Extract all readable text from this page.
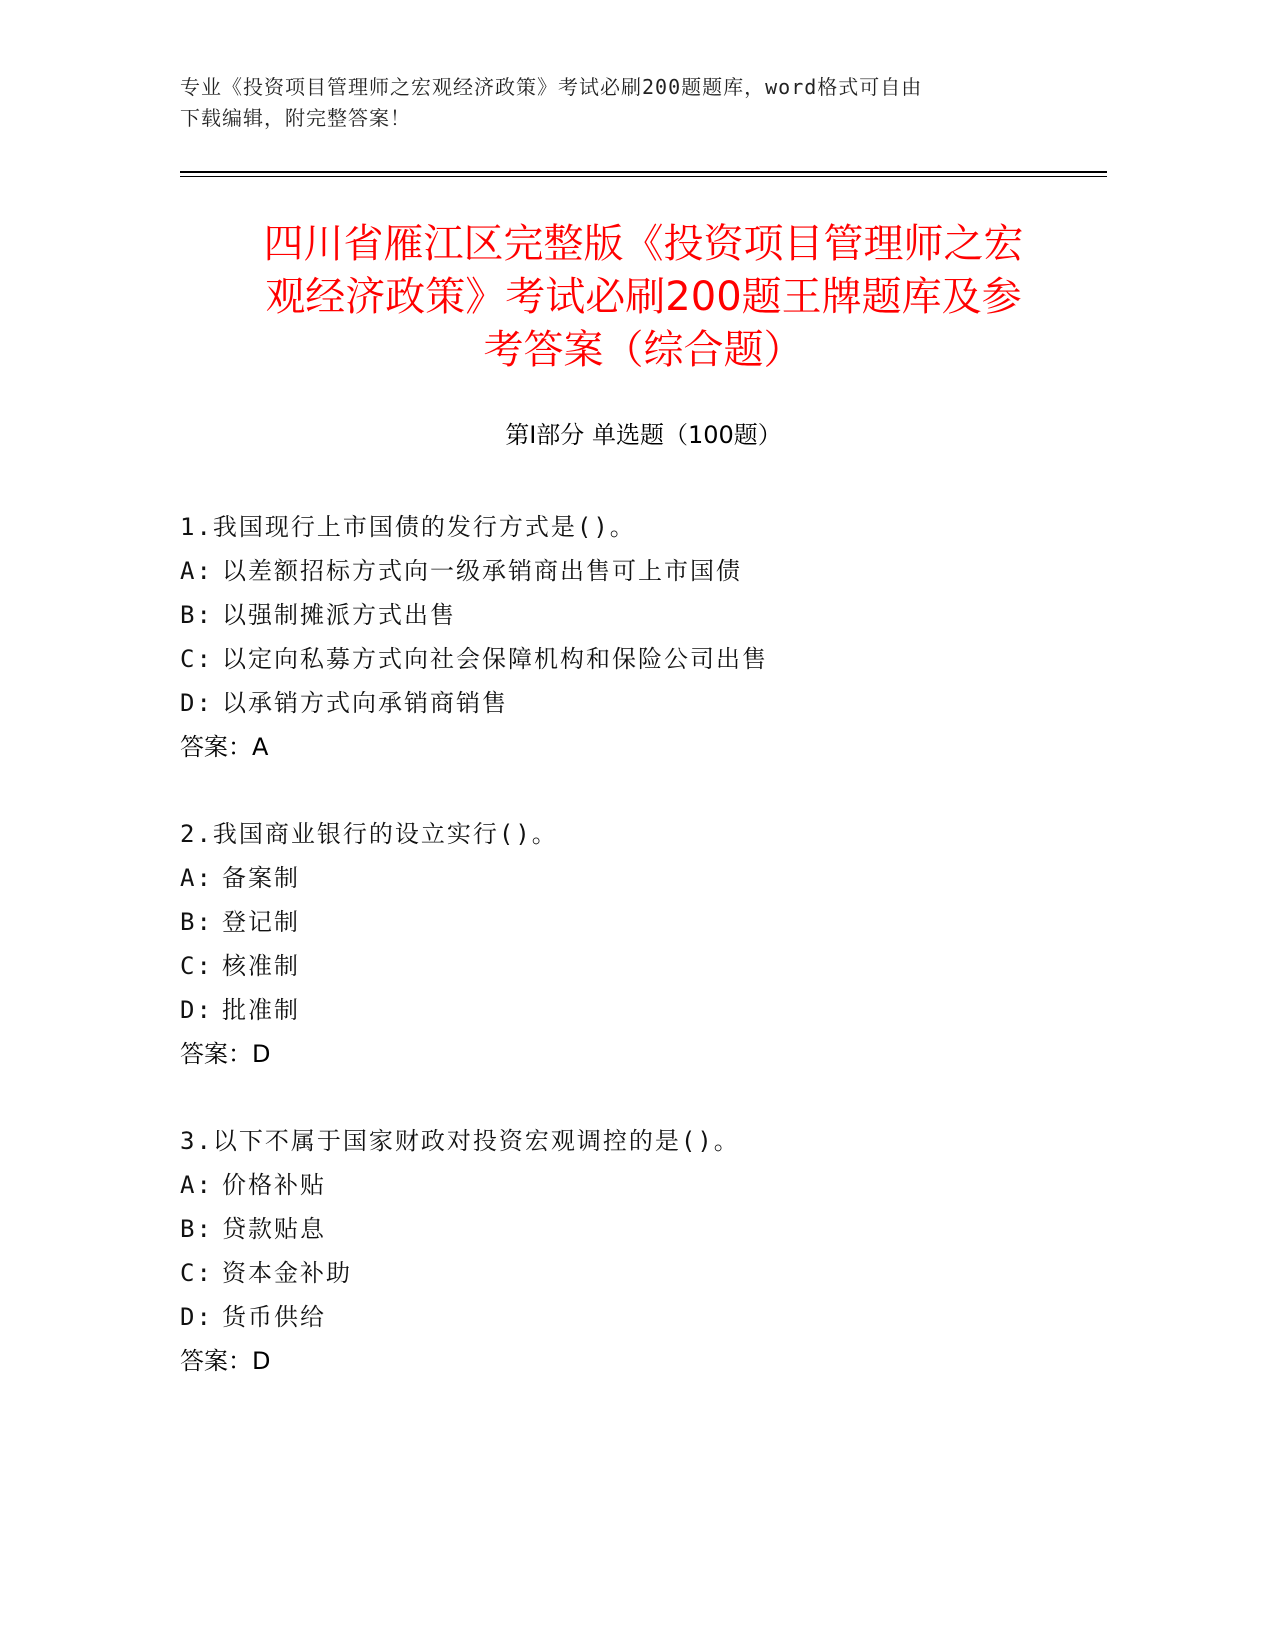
专业《投资项目管理师之宏观经济政策》考试必刷200题题库，word格式可自由
下载编辑，附完整答案！
四川省雁江区完整版《投资项目管理师之宏
观经济政策》考试必刷200题王牌题库及参
考答案（综合题）
第Ⅰ部分 单选题（100题）
1.我国现行上市国债的发行方式是()。
A: 以差额招标方式向一级承销商出售可上市国债
B: 以强制摊派方式出售
C: 以定向私募方式向社会保障机构和保险公司出售
D: 以承销方式向承销商销售
答案：A
2.我国商业银行的设立实行()。
A: 备案制
B: 登记制
C: 核准制
D: 批准制
答案：D
3.以下不属于国家财政对投资宏观调控的是()。
A: 价格补贴
B: 贷款贴息
C: 资本金补助
D: 货币供给
答案：D
